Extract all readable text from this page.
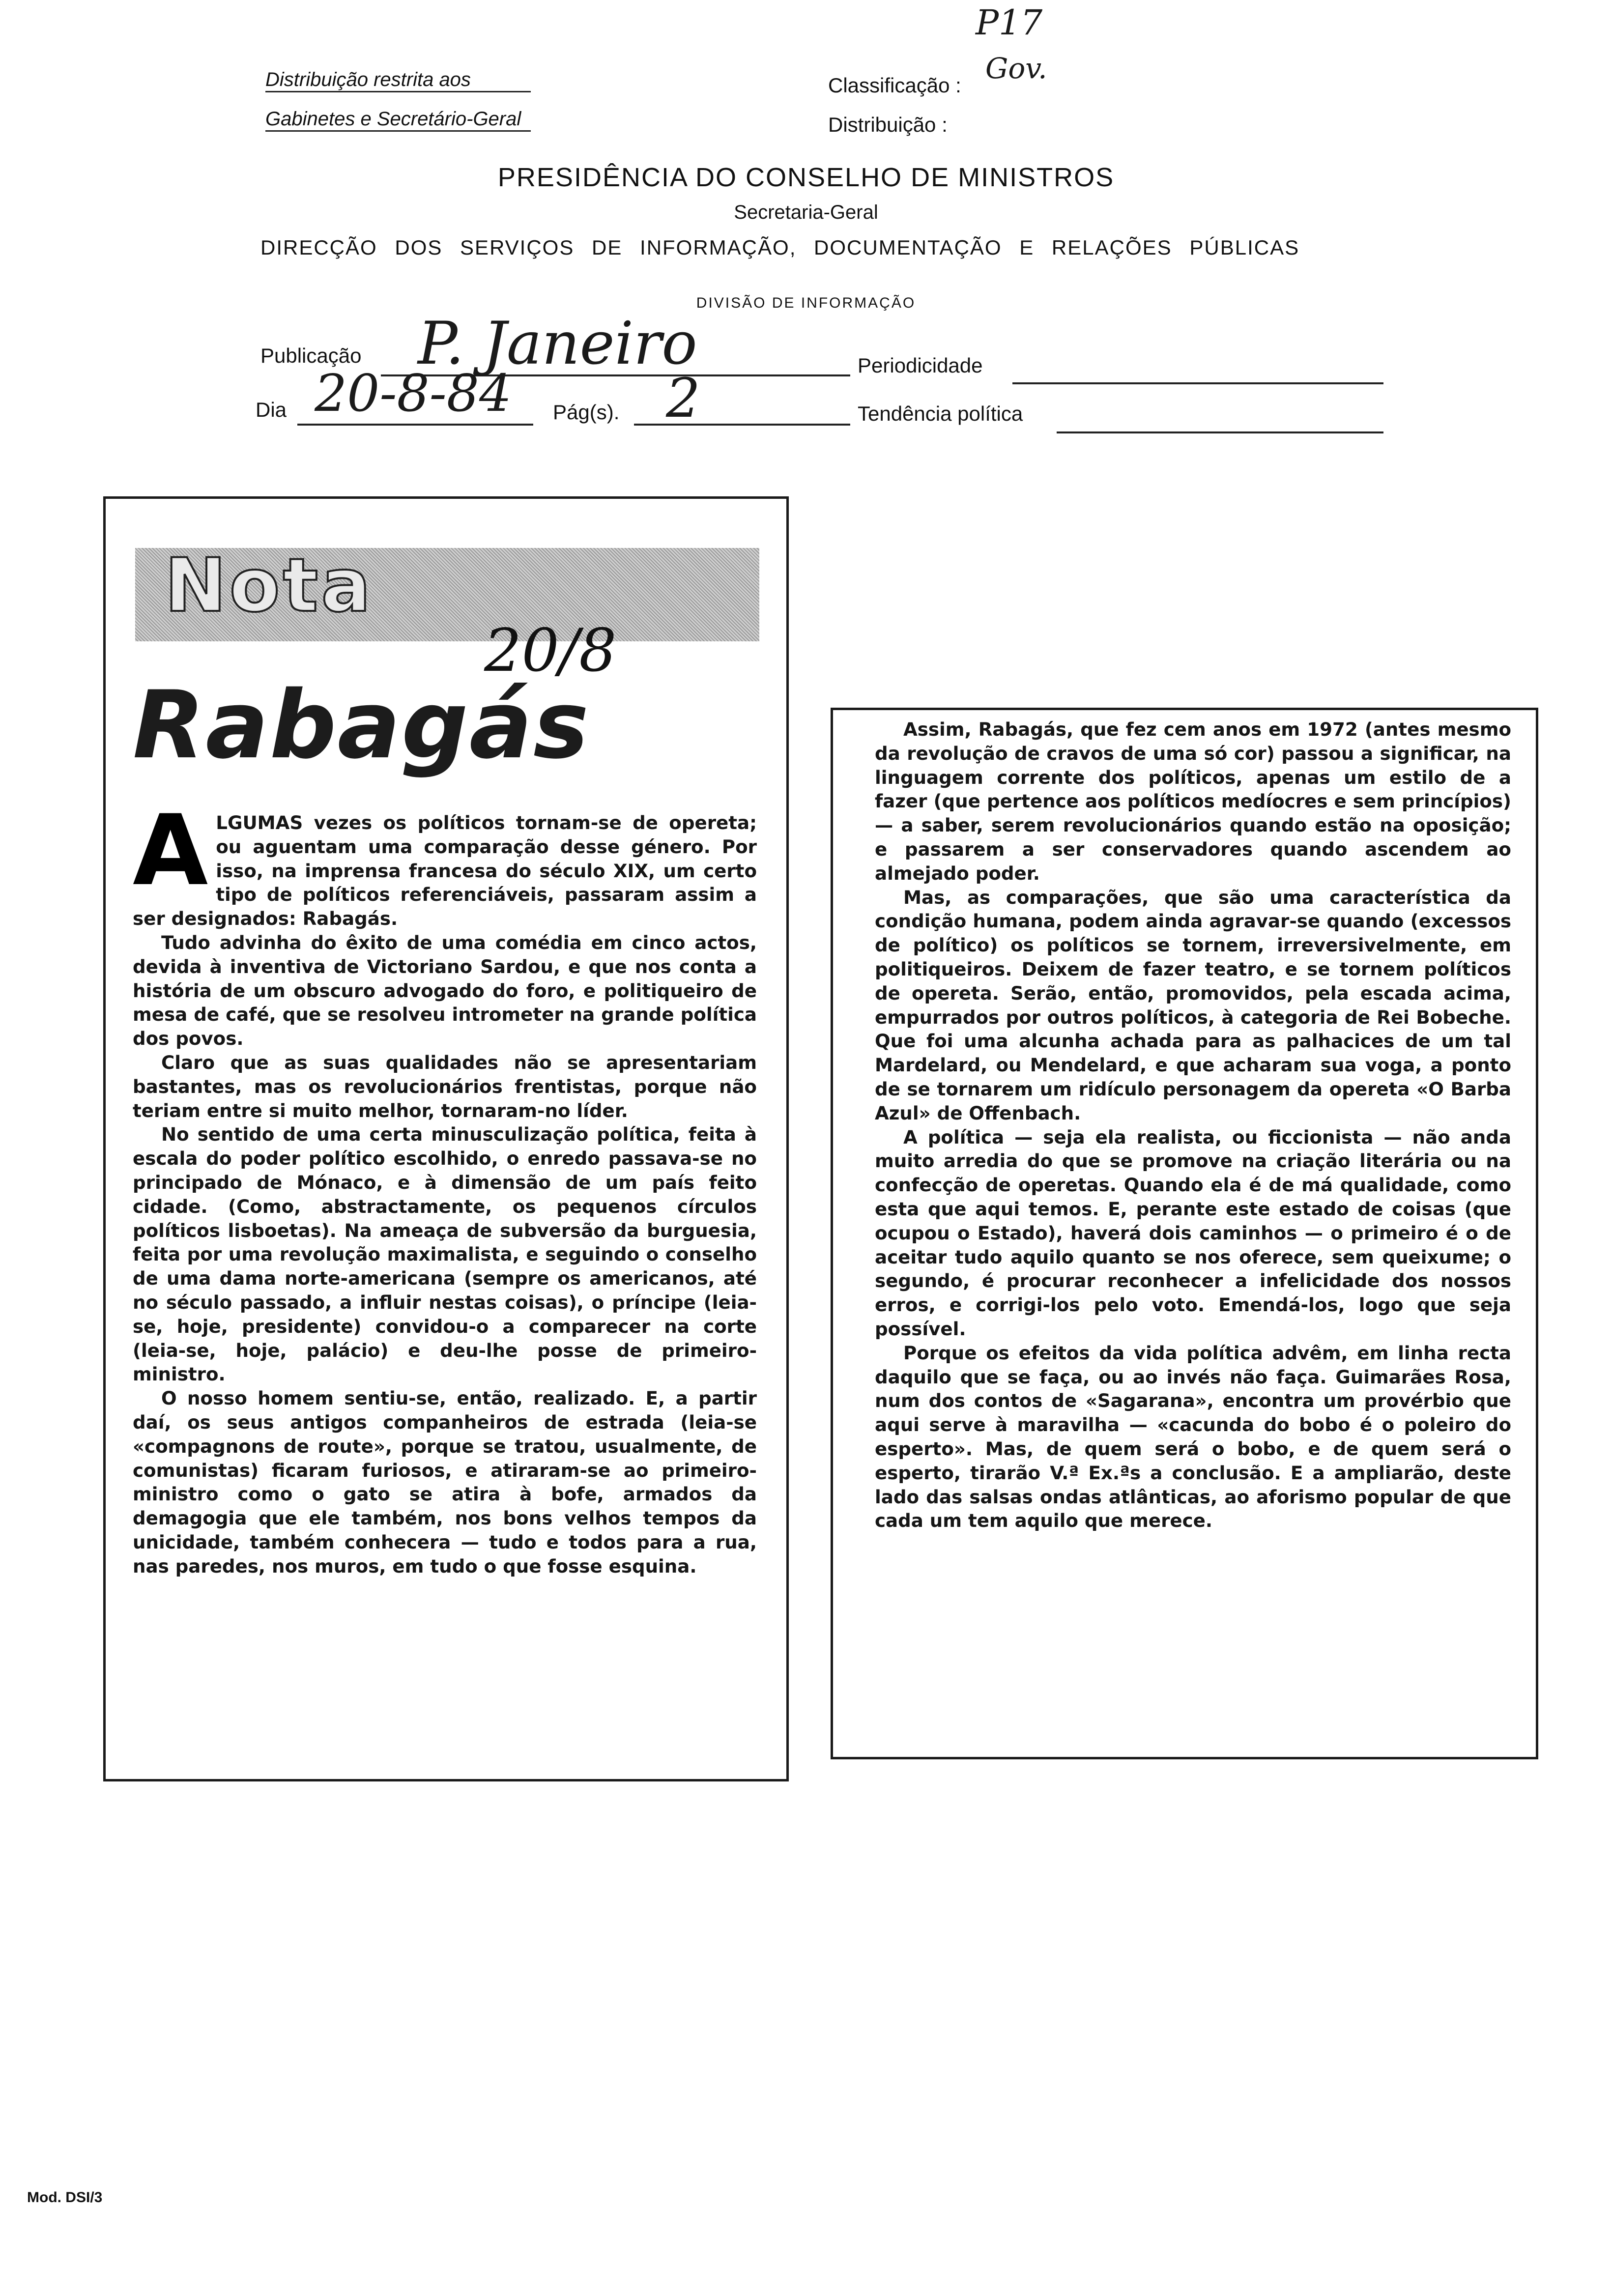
P17
Distribuição restrita aos
Gabinetes e Secretário-Geral
Classificação :
Gov.
Distribuição :
PRESIDÊNCIA DO CONSELHO DE MINISTROS
Secretaria-Geral
DIRECÇÃO DOS SERVIÇOS DE INFORMAÇÃO, DOCUMENTAÇÃO E RELAÇÕES PÚBLICAS
DIVISÃO DE INFORMAÇÃO
Publicação P. Janeiro	Periodicidade
Dia 20-8-84 Pág(s). 2	Tendência política
Nota
20/8
Rabagás

ALGUMAS vezes os políticos tornam-se de opereta; ou aguentam uma comparação desse género. Por isso, na imprensa francesa do século XIX, um certo tipo de políticos referenciáveis, passaram assim a ser designados: Rabagás.

Tudo advinha do êxito de uma comédia em cinco actos, devida à inventiva de Victoriano Sardou, e que nos conta a história de um obscuro advogado do foro, e politiqueiro de mesa de café, que se resolveu intrometer na grande política dos povos.

Claro que as suas qualidades não se apresentariam bastantes, mas os revolucionários frentistas, porque não teriam entre si muito melhor, tornaram-no líder.

No sentido de uma certa minusculização política, feita à escala do poder político escolhido, o enredo passava-se no principado de Mónaco, e à dimensão de um país feito cidade. (Como, abstractamente, os pequenos círculos políticos lisboetas). Na ameaça de subversão da burguesia, feita por uma revolução maximalista, e seguindo o conselho de uma dama norte-americana (sempre os americanos, até no século passado, a influir nestas coisas), o príncipe (leia-se, hoje, presidente) convidou-o a comparecer na corte (leia-se, hoje, palácio) e deu-lhe posse de primeiro-ministro.

O nosso homem sentiu-se, então, realizado. E, a partir daí, os seus antigos companheiros de estrada (leia-se «compagnons de route», porque se tratou, usualmente, de comunistas) ficaram furiosos, e atiraram-se ao primeiro-ministro como o gato se atira à bofe, armados da demagogia que ele também, nos bons velhos tempos da unicidade, também conhecera — tudo e todos para a rua, nas paredes, nos muros, em tudo o que fosse esquina.

Assim, Rabagás, que fez cem anos em 1972 (antes mesmo da revolução de cravos de uma só cor) passou a significar, na linguagem corrente dos políticos, apenas um estilo de a fazer (que pertence aos políticos medíocres e sem princípios) — a saber, serem revolucionários quando estão na oposição; e passarem a ser conservadores quando ascendem ao almejado poder.

Mas, as comparações, que são uma característica da condição humana, podem ainda agravar-se quando (excessos de político) os políticos se tornem, irreversivelmente, em politiqueiros. Deixem de fazer teatro, e se tornem políticos de opereta. Serão, então, promovidos, pela escada acima, empurrados por outros políticos, à categoria de Rei Bobeche. Que foi uma alcunha achada para as palhacices de um tal Mardelard, ou Mendelard, e que acharam sua voga, a ponto de se tornarem um ridículo personagem da opereta «O Barba Azul» de Offenbach.

A política — seja ela realista, ou ficcionista — não anda muito arredia do que se promove na criação literária ou na confecção de operetas. Quando ela é de má qualidade, como esta que aqui temos. E, perante este estado de coisas (que ocupou o Estado), haverá dois caminhos — o primeiro é o de aceitar tudo aquilo quanto se nos oferece, sem queixume; o segundo, é procurar reconhecer a infelicidade dos nossos erros, e corrigi-los pelo voto. Emendá-los, logo que seja possível.

Porque os efeitos da vida política advêm, em linha recta daquilo que se faça, ou ao invés não faça. Guimarães Rosa, num dos contos de «Sagarana», encontra um provérbio que aqui serve à maravilha — «cacunda do bobo é o poleiro do esperto». Mas, de quem será o bobo, e de quem será o esperto, tirarão V.ª Ex.ªs a conclusão. E a ampliarão, deste lado das salsas ondas atlânticas, ao aforismo popular de que cada um tem aquilo que merece.

Mod. DSI/3
